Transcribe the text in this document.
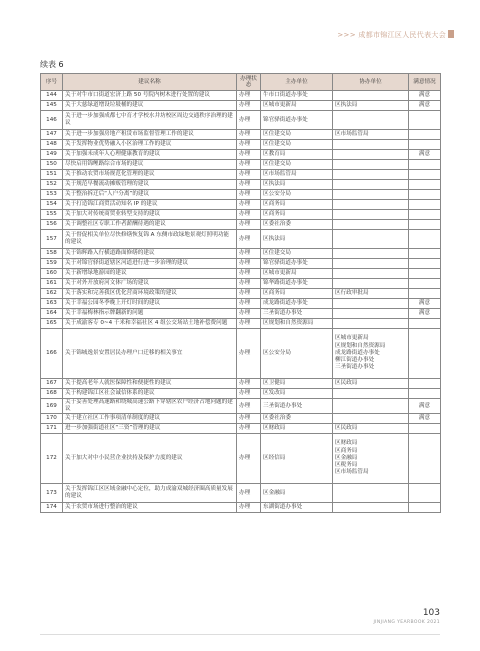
>>> 成都市锦江区人民代表大会
续表 6
序号	建议名称	办理状态	主办单位	协办单位	满意情况
144	关于对牛市口街道宏济上路 50 号院内树木进行处置的建议	办理	牛市口街道办事处		满意
145	关于大慈绿道增设垃圾桶的建议	办理	区城市更新局	区执法局	满意
146	关于进一步加强成都七中育才学校水井坊校区周边交通秩序治理的建议	办理	锦官驿街道办事处		
147	关于进一步加强房地产租赁市场监督管理工作的建议	办理	区住建交局	区市场监管局	
148	关于发挥物业优势融入小区治理工作的建议	办理	区住建交局		
149	关于加强未成年人心理健康教育的建议	办理	区教育局		满意
150	尽快启用锦鲤路综合市场的建议	办理	区住建交局		
151	关于推动农贸市场规范化管理的建议	办理	区市场监管局		
152	关于规范早餐流动摊贩管理的建议	办理	区执法局		
153	关于整治拆迁后“人户分离”的建议	办理	区公安分局		
154	关于打造锦江商贸活动知名 IP 的建议	办理	区商务局		
155	关于加大对传统商贸业转型支持的建议	办理	区商务局		
156	关于调整社区专职工作者薪酬待遇的建议	办理	区委社治委		
157	关于督促相关单位尽快修缮恢复锦 A 东侧市政绿地景观灯照明功能的建议	办理	区执法局		
158	关于锦辉路入行横道路面修缮的建议	办理	区住建交局		
159	关于对锦官驿街道辖区河道进行进一步治理的建议	办理	锦官驿街道办事处		
160	关于新增绿地游园的建议	办理	区城市更新局		
161	关于对外开放府河文体广场的建议	办理	锦华路街道办事处		
162	关于落实和完善我区优化营商环境政策的建议	办理	区商务局	区行政审批局	
163	关于幸福公园冬季晚上开灯时间的建议	办理	成龙路街道办事处		满意
164	关于幸福梅林指示牌翻新的问题	办理	三圣街道办事处		满意
165	关于成渝客专 0~4 千米和幸福社区 4 组公交场站土地补偿费问题	办理	区规划和自然资源局		
166	关于锦城逸景安置居民办理户口迁移的相关事宜	办理	区公安分局	区城市更新局
区规划和自然资源局
成龙路街道办事处
柳江街道办事处
三圣街道办事处	

167	关于提高老年人就医保障性和便捷性的建议	办理	区卫健局	区民政局	
168	关于构建锦江区社会诚信体系的建议	办理	区发改局		
169	关于妥善处理高速路和绕城高速公路下穿辖区农户经济占地问题的建议	办理	三圣街道办事处		满意
170	关于建立社区工作事项清单制度的建议	办理	区委社治委		满意
171	进一步加强街道社区“三资”管理的建议	办理	区财政局	区民政局	
172	关于加大对中小民营企业扶持及保护力度的建议	办理	区经信局	区财政局
区商务局
区金融局
区税务局
区市场监管局	

173	关于发挥锦江区区域金融中心定位，助力成渝双城经济圈高质量发展的建议	办理	区金融局		
174	关于农贸市场进行整治的建议	办理	东湖街道办事处		
103
JINJIANG YEARBOOK 2021
